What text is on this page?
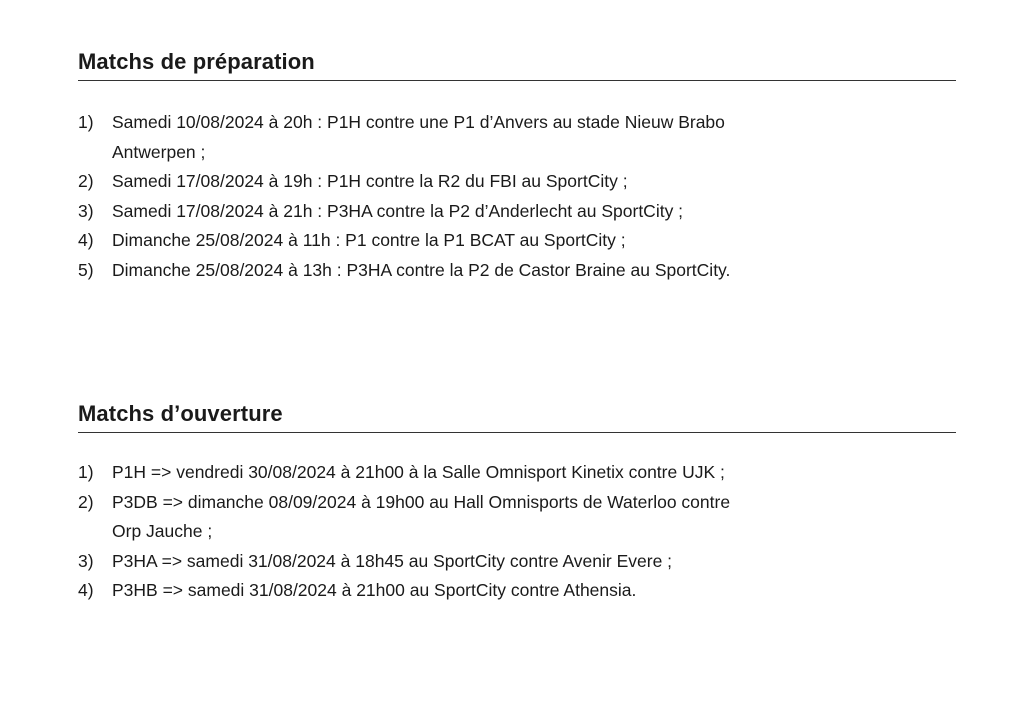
Matchs de préparation
1) Samedi 10/08/2024 à 20h : P1H contre une P1 d’Anvers au stade Nieuw Brabo Antwerpen ;
2) Samedi 17/08/2024 à 19h : P1H contre la R2 du FBI au SportCity ;
3) Samedi 17/08/2024 à 21h : P3HA contre la P2 d’Anderlecht au SportCity ;
4) Dimanche 25/08/2024 à 11h : P1 contre la P1 BCAT au SportCity ;
5) Dimanche 25/08/2024 à 13h : P3HA contre la P2 de Castor Braine au SportCity.
Matchs d’ouverture
1) P1H => vendredi 30/08/2024 à 21h00 à la Salle Omnisport Kinetix contre UJK ;
2) P3DB => dimanche 08/09/2024 à 19h00 au Hall Omnisports de Waterloo contre Orp Jauche ;
3) P3HA => samedi 31/08/2024 à 18h45 au SportCity contre Avenir Evere ;
4) P3HB => samedi 31/08/2024 à 21h00 au SportCity contre Athensia.
